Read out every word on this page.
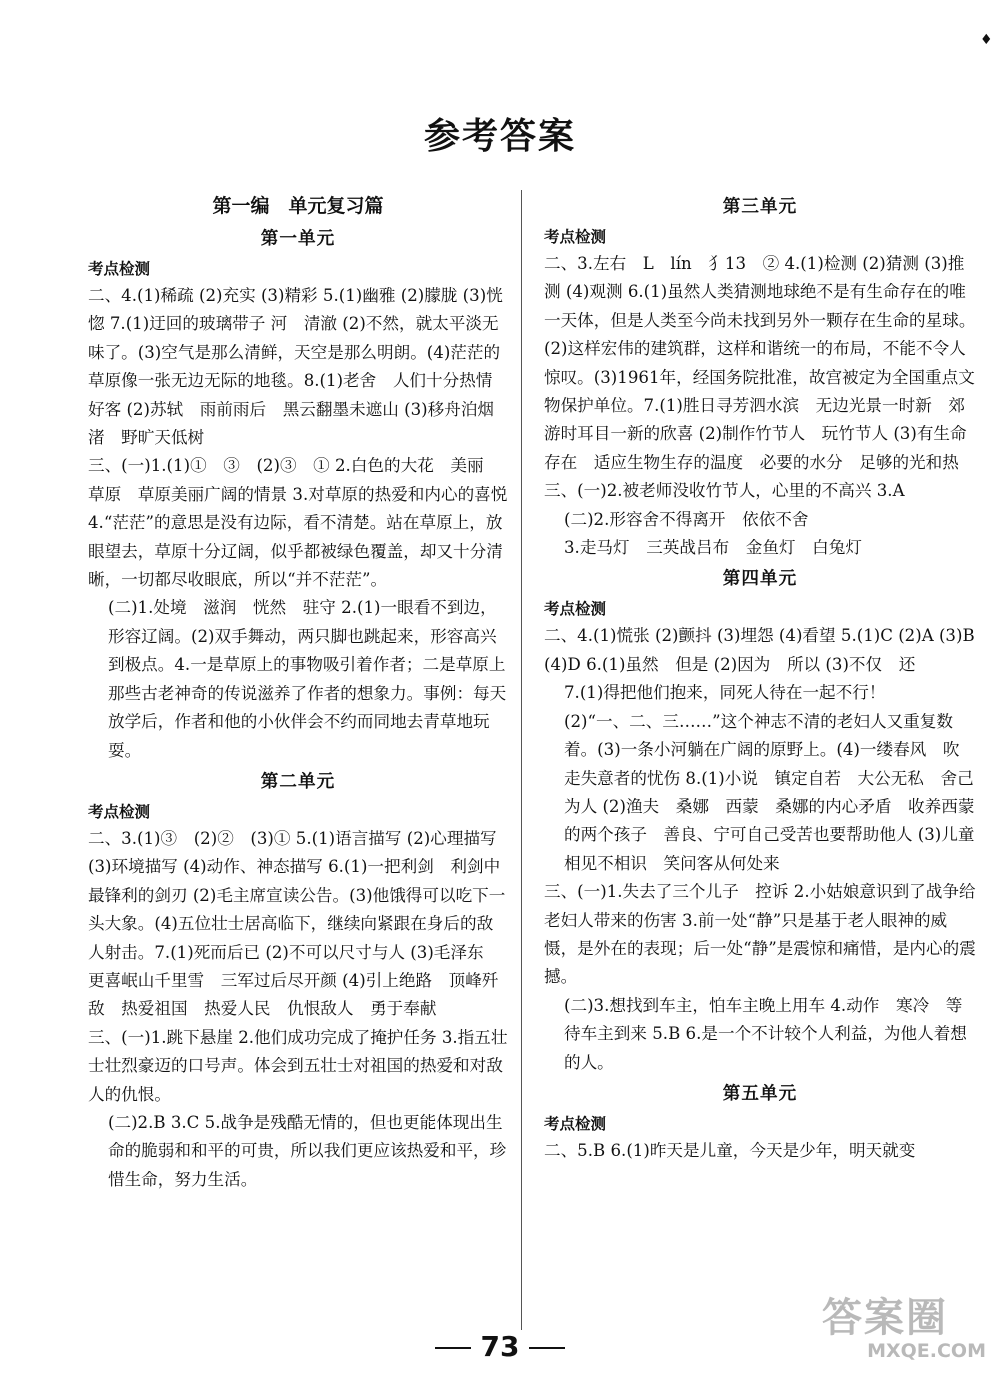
♦
参考答案
第一编　单元复习篇
第一单元
考点检测

二、4.(1)稀疏 (2)充实 (3)精彩 5.(1)幽雅 (2)朦胧 (3)恍惚 7.(1)迂回的玻璃带子 河　清澈 (2)不然，就太平淡无味了。(3)空气是那么清鲜，天空是那么明朗。(4)茫茫的草原像一张无边无际的地毯。8.(1)老舍　人们十分热情好客 (2)苏轼　雨前雨后　黑云翻墨未遮山 (3)移舟泊烟渚　野旷天低树

三、(一)1.(1)①　③　(2)③　① 2.白色的大花　美丽　草原　草原美丽广阔的情景 3.对草原的热爱和内心的喜悦 4.“茫茫”的意思是没有边际，看不清楚。站在草原上，放眼望去，草原十分辽阔，似乎都被绿色覆盖，却又十分清晰，一切都尽收眼底，所以“并不茫茫”。

(二)1.处境　滋润　恍然　驻守 2.(1)一眼看不到边，形容辽阔。(2)双手舞动，两只脚也跳起来，形容高兴到极点。4.一是草原上的事物吸引着作者；二是草原上那些古老神奇的传说滋养了作者的想象力。事例：每天放学后，作者和他的小伙伴会不约而同地去青草地玩耍。

第二单元
考点检测

二、3.(1)③　(2)②　(3)① 5.(1)语言描写 (2)心理描写 (3)环境描写 (4)动作、神态描写 6.(1)一把利剑　利剑中最锋利的剑刃 (2)毛主席宣读公告。(3)他饿得可以吃下一头大象。(4)五位壮士居高临下，继续向紧跟在身后的敌人射击。7.(1)死而后已 (2)不可以尺寸与人 (3)毛泽东　更喜岷山千里雪　三军过后尽开颜 (4)引上绝路　顶峰歼敌　热爱祖国　热爱人民　仇恨敌人　勇于奉献

三、(一)1.跳下悬崖 2.他们成功完成了掩护任务 3.指五壮士壮烈豪迈的口号声。体会到五壮士对祖国的热爱和对敌人的仇恨。

(二)2.B 3.C 5.战争是残酷无情的，但也更能体现出生命的脆弱和和平的可贵，所以我们更应该热爱和平，珍惜生命，努力生活。

第三单元
考点检测

二、3.左右　L　lín　⺨13　② 4.(1)检测 (2)猜测 (3)推测 (4)观测 6.(1)虽然人类猜测地球绝不是有生命存在的唯一天体，但是人类至今尚未找到另外一颗存在生命的星球。(2)这样宏伟的建筑群，这样和谐统一的布局，不能不令人惊叹。(3)1961年，经国务院批准，故宫被定为全国重点文物保护单位。7.(1)胜日寻芳泗水滨　无边光景一时新　郊游时耳目一新的欣喜 (2)制作竹节人　玩竹节人 (3)有生命存在　适应生物生存的温度　必要的水分　足够的光和热

三、(一)2.被老师没收竹节人，心里的不高兴 3.A

(二)2.形容舍不得离开　依依不舍

3.走马灯　三英战吕布　金鱼灯　白兔灯

第四单元
考点检测

二、4.(1)慌张 (2)颤抖 (3)埋怨 (4)看望 5.(1)C (2)A (3)B (4)D 6.(1)虽然　但是 (2)因为　所以 (3)不仅　还

7.(1)得把他们抱来，同死人待在一起不行！

(2)“一、二、三……”这个神志不清的老妇人又重复数着。(3)一条小河躺在广阔的原野上。(4)一缕春风　吹走失意者的忧伤 8.(1)小说　镇定自若　大公无私　舍己为人 (2)渔夫　桑娜　西蒙　桑娜的内心矛盾　收养西蒙的两个孩子　善良、宁可自己受苦也要帮助他人 (3)儿童相见不相识　笑问客从何处来

三、(一)1.失去了三个儿子　控诉 2.小姑娘意识到了战争给老妇人带来的伤害 3.前一处“静”只是基于老人眼神的威慑，是外在的表现；后一处“静”是震惊和痛惜，是内心的震撼。

(二)3.想找到车主，怕车主晚上用车 4.动作　寒冷　等待车主到来 5.B 6.是一个不计较个人利益，为他人着想的人。

第五单元
考点检测

二、5.B 6.(1)昨天是儿童，今天是少年，明天就变

73
答案圈
MXQE.COM
